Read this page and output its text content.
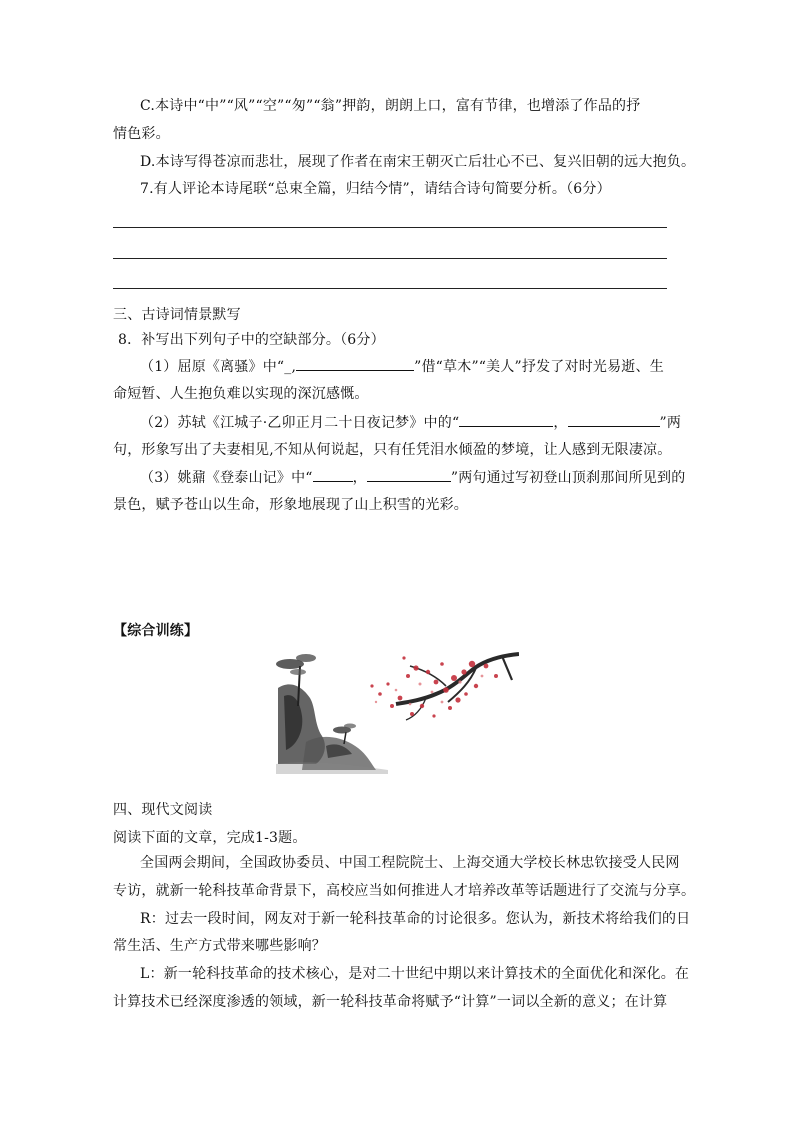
C.本诗中“中”“风”“空”“匆”“翁”押韵，朗朗上口，富有节律，也增添了作品的抒
情色彩。
D.本诗写得苍凉而悲壮，展现了作者在南宋王朝灭亡后壮心不已、复兴旧朝的远大抱负。
7.有人评论本诗尾联“总束全篇，归结今情”，请结合诗句简要分析。（6分）
三、古诗词情景默写
8．补写出下列句子中的空缺部分。（6分）
（1）屈原《离骚》中“_,	”借“草木”“美人”抒发了对时光易逝、生
命短暂、人生抱负难以实现的深沉感慨。
（2）苏轼《江城子·乙卯正月二十日夜记梦》中的“	，	”两
句，形象写出了夫妻相见,不知从何说起，只有任凭泪水倾盈的梦境，让人感到无限凄凉。
（3）姚鼐《登泰山记》中“	，	”两句通过写初登山顶刹那间所见到的
景色，赋予苍山以生命，形象地展现了山上积雪的光彩。
【综合训练】
四、现代文阅读
阅读下面的文章，完成1-3题。
全国两会期间，全国政协委员、中国工程院院士、上海交通大学校长林忠钦接受人民网
专访，就新一轮科技革命背景下，高校应当如何推进人才培养改革等话题进行了交流与分享。
R：过去一段时间，网友对于新一轮科技革命的讨论很多。您认为，新技术将给我们的日
常生活、生产方式带来哪些影响？
L：新一轮科技革命的技术核心，是对二十世纪中期以来计算技术的全面优化和深化。在
计算技术已经深度渗透的领域，新一轮科技革命将赋予“计算”一词以全新的意义；在计算
